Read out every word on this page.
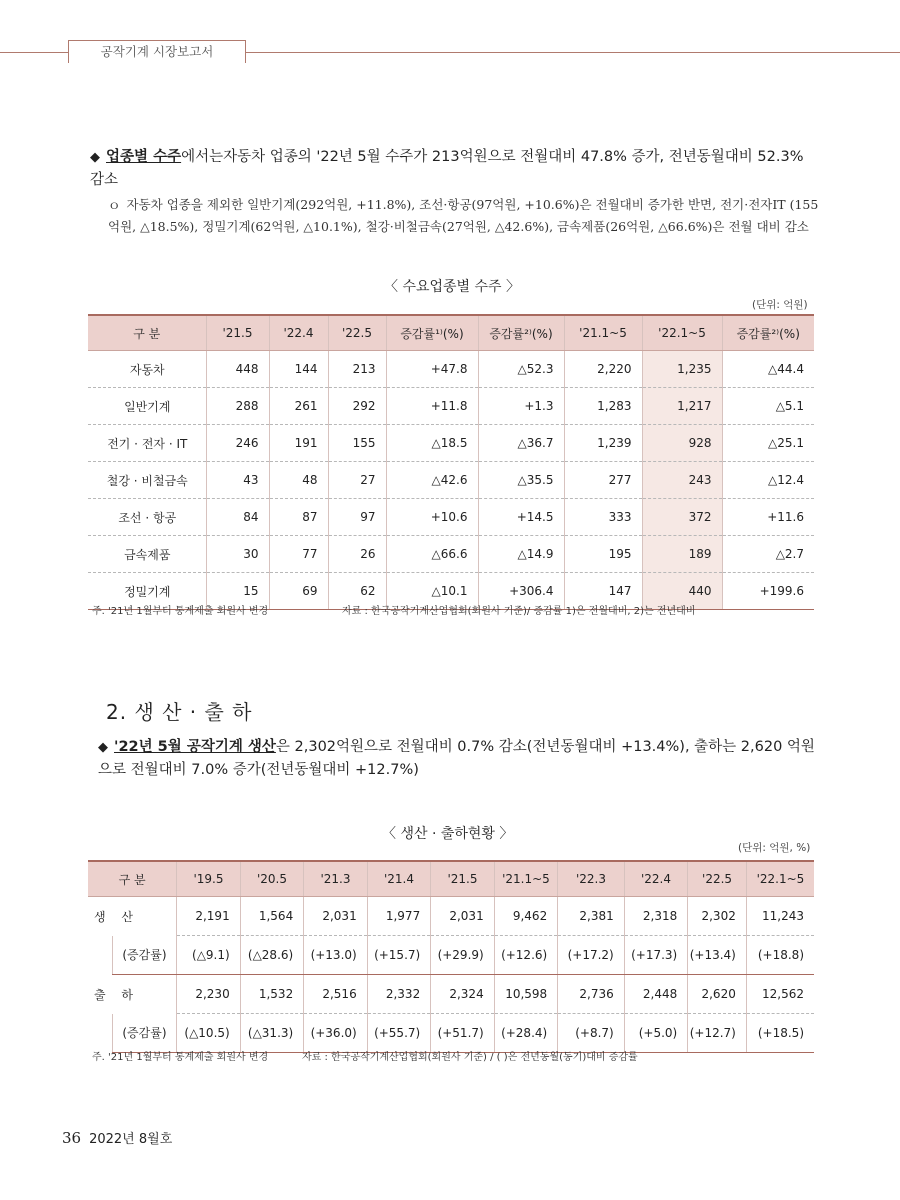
공작기계 시장보고서
◆ 업종별 수주에서는자동차 업종의 '22년 5월 수주가 213억원으로 전월대비 47.8% 증가, 전년동월대비 52.3% 감소
ｏ 자동차 업종을 제외한 일반기계(292억원, +11.8%), 조선·항공(97억원, +10.6%)은 전월대비 증가한 반면, 전기·전자IT (155억원, △18.5%), 정밀기계(62억원, △10.1%), 철강·비철금속(27억원, △42.6%), 금속제품(26억원, △66.6%)은 전월 대비 감소
〈 수요업종별 수주 〉
(단위: 억원)
구 분	'21.5	'22.4	'22.5	증감률¹⁾(%)	증감률²⁾(%)	'21.1~5	'22.1~5	증감률²⁾(%)
자동차	448	144	213	+47.8	△52.3	2,220	1,235	△44.4
일반기계	288	261	292	+11.8	+1.3	1,283	1,217	△5.1
전기 · 전자 · IT	246	191	155	△18.5	△36.7	1,239	928	△25.1
철강 · 비철금속	43	48	27	△42.6	△35.5	277	243	△12.4
조선 · 항공	84	87	97	+10.6	+14.5	333	372	+11.6
금속제품	30	77	26	△66.6	△14.9	195	189	△2.7
정밀기계	15	69	62	△10.1	+306.4	147	440	+199.6
주. '21년 1월부터 통계제출 회원사 변경	자료 : 한국공작기계산업협회(회원사 기준)/ 증감률 1)은 전월대비, 2)는 전년대비
2. 생 산 · 출 하
◆ '22년 5월 공작기계 생산은 2,302억원으로 전월대비 0.7% 감소(전년동월대비 +13.4%), 출하는 2,620 억원으로 전월대비 7.0% 증가(전년동월대비 +12.7%)
〈 생산 · 출하현황 〉
(단위: 억원, %)
구 분		'19.5	'20.5	'21.3	'21.4	'21.5	'21.1~5	'22.3	'22.4	'22.5	'22.1~5
생 산		2,191	1,564	2,031	1,977	2,031	9,462	2,381	2,318	2,302	11,243
	(증감률)	(△9.1)	(△28.6)	(+13.0)	(+15.7)	(+29.9)	(+12.6)	(+17.2)	(+17.3)	(+13.4)	(+18.8)
출 하		2,230	1,532	2,516	2,332	2,324	10,598	2,736	2,448	2,620	12,562
	(증감률)	(△10.5)	(△31.3)	(+36.0)	(+55.7)	(+51.7)	(+28.4)	(+8.7)	(+5.0)	(+12.7)	(+18.5)
주. '21년 1월부터 통계제출 회원사 변경	자료 : 한국공작기계산업협회(회원사 기준) / ( )은 전년동월(동기)대비 증감률
36 2022년 8월호
